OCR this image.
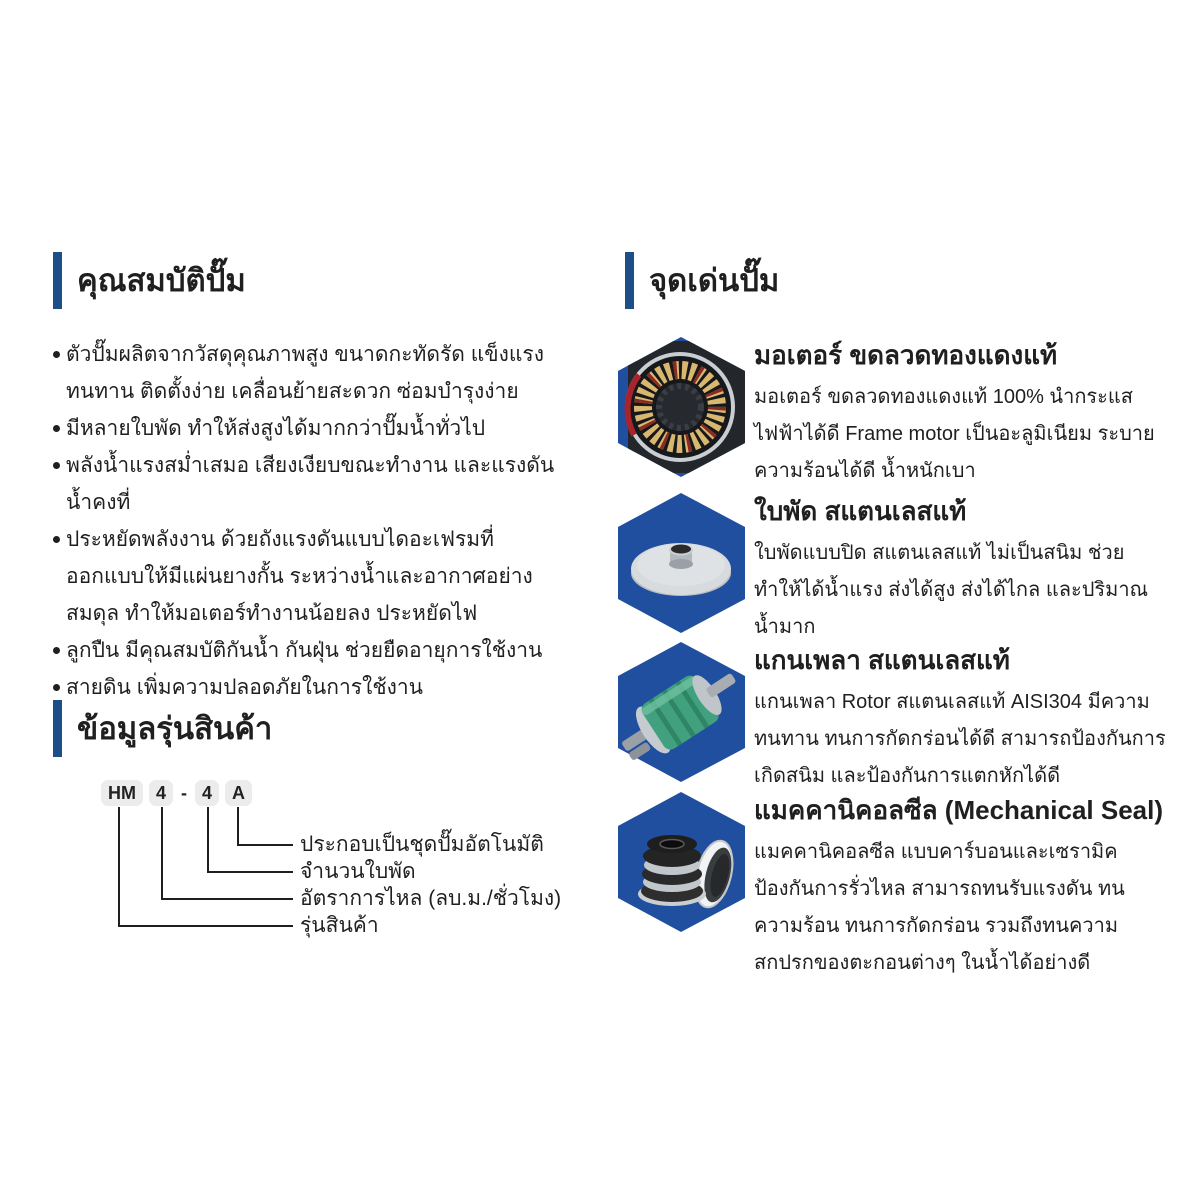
คุณสมบัติปั๊ม
ตัวปั๊มผลิตจากวัสดุคุณภาพสูง ขนาดกะทัดรัด แข็งแรง ทนทาน ติดตั้งง่าย เคลื่อนย้ายสะดวก ซ่อมบำรุงง่าย
มีหลายใบพัด ทำให้ส่งสูงได้มากกว่าปั๊มน้ำทั่วไป
พลังน้ำแรงสม่ำเสมอ เสียงเงียบขณะทำงาน และแรงดันน้ำคงที่
ประหยัดพลังงาน ด้วยถังแรงดันแบบไดอะเฟรมที่ออกแบบให้มี​แผ่นยางกั้น ระหว่างน้ำและอากาศอย่างสมดุล ทำให้มอเตอร์​ทำงานน้อยลง ประหยัดไฟ
ลูกปืน มีคุณสมบัติกันน้ำ กันฝุ่น ช่วยยืดอายุการใช้งาน
สายดิน เพิ่มความปลอดภัยในการใช้งาน
ข้อมูลรุ่นสินค้า
HM	4 - 4	A
ประกอบเป็นชุดปั๊มอัตโนมัติ
จำนวนใบพัด
อัตราการไหล (ลบ.ม./ชั่วโมง)
รุ่นสินค้า
จุดเด่นปั๊ม
มอเตอร์ ขดลวดทองแดงแท้

มอเตอร์ ขดลวดทองแดงแท้ 100% นำกระแสไฟฟ้า​ได้ดี Frame motor เป็นอะลูมิเนียม ระบายความร้อน​ได้ดี น้ำหนักเบา

ใบพัด สแตนเลสแท้

ใบพัดแบบปิด สแตนเลสแท้ ไม่เป็นสนิม ช่วยทำให้ได้​น้ำแรง ส่งได้สูง ส่งได้ไกล และปริมาณน้ำมาก

แกนเพลา สแตนเลสแท้

แกนเพลา Rotor สแตนเลสแท้ AISI304 มีความทนทาน ทนการกัดกร่อนได้ดี สามารถป้องกันการเกิดสนิม และ​ป้องกันการแตกหักได้ดี

แมคคานิคอลซีล (Mechanical Seal)

แมคคานิคอลซีล แบบคาร์บอนและเซรามิค ป้องกันการ​รั่วไหล สามารถทนรับแรงดัน ทนความร้อน ทนการ​กัดกร่อน รวมถึงทนความสกปรกของตะกอนต่างๆ ในน้ำ​ได้อย่างดี
